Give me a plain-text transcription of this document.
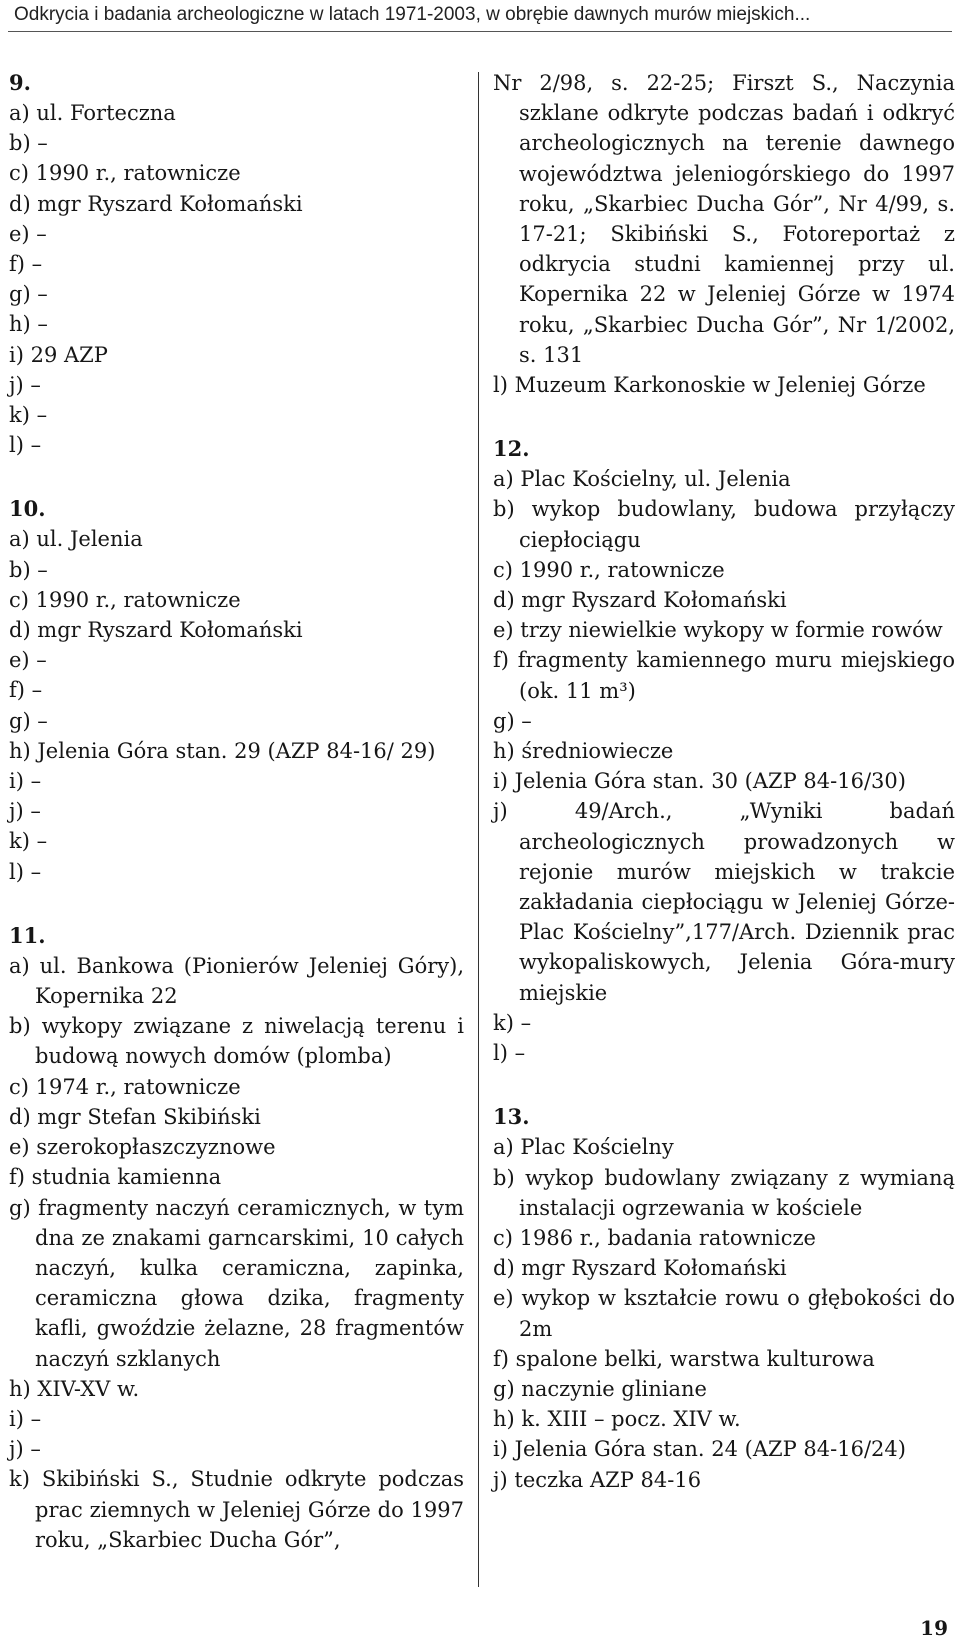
Odkrycia i badania archeologiczne w latach 1971-2003, w obrębie dawnych murów miejskich...
9.
a) ul. Forteczna
b) –
c) 1990 r., ratownicze
d) mgr Ryszard Kołomański
e) –
f) –
g) –
h) –
i) 29 AZP
j) –
k) –
l) –
10.
a) ul. Jelenia
b) –
c) 1990 r., ratownicze
d) mgr Ryszard Kołomański
e) –
f) –
g) –
h) Jelenia Góra stan. 29 (AZP 84-16/ 29)
i) –
j) –
k) –
l) –
11.
a) ul. Bankowa (Pionierów Jeleniej Góry), Kopernika 22
b) wykopy związane z niwelacją terenu i budową nowych domów (plomba)
c) 1974 r., ratownicze
d) mgr Stefan Skibiński
e) szerokopłaszczyznowe
f) studnia kamienna
g) fragmenty naczyń ceramicznych, w tym dna ze znakami garncarskimi, 10 całych naczyń, kulka ceramiczna, zapinka, ceramiczna głowa dzika, fragmenty kafli, gwoździe żelazne, 28 fragmentów naczyń szklanych
h) XIV-XV w.
i) –
j) –
k) Skibiński S., Studnie odkryte podczas prac ziemnych w Jeleniej Górze do 1997 roku, „Skarbiec Ducha Gór”,
Nr 2/98, s. 22-25; Firszt S., Naczynia szklane odkryte podczas badań i odkryć archeologicznych na terenie dawnego województwa jeleniogórskiego do 1997 roku, „Skarbiec Ducha Gór”, Nr 4/99, s. 17-21; Skibiński S., Fotoreportaż z odkrycia studni kamiennej przy ul. Kopernika 22 w Jeleniej Górze w 1974 roku, „Skarbiec Ducha Gór”, Nr 1/2002, s. 131
l) Muzeum Karkonoskie w Jeleniej Górze
12.
a) Plac Kościelny, ul. Jelenia
b) wykop budowlany, budowa przyłączy ciepłociągu
c) 1990 r., ratownicze
d) mgr Ryszard Kołomański
e) trzy niewielkie wykopy w formie rowów
f) fragmenty kamiennego muru miejskiego (ok. 11 m³)
g) –
h) średniowiecze
i) Jelenia Góra stan. 30 (AZP 84-16/30)
j) 49/Arch., „Wyniki badań archeologicznych prowadzonych w rejonie murów miejskich w trakcie zakładania ciepłociągu w Jeleniej Górze-Plac Kościelny”,177/Arch. Dziennik prac wykopaliskowych, Jelenia Góra-mury miejskie
k) –
l) –
13.
a) Plac Kościelny
b) wykop budowlany związany z wymianą instalacji ogrzewania w kościele
c) 1986 r., badania ratownicze
d) mgr Ryszard Kołomański
e) wykop w kształcie rowu o głębokości do 2m
f) spalone belki, warstwa kulturowa
g) naczynie gliniane
h) k. XIII – pocz. XIV w.
i) Jelenia Góra stan. 24 (AZP 84-16/24)
j) teczka AZP 84-16
19
